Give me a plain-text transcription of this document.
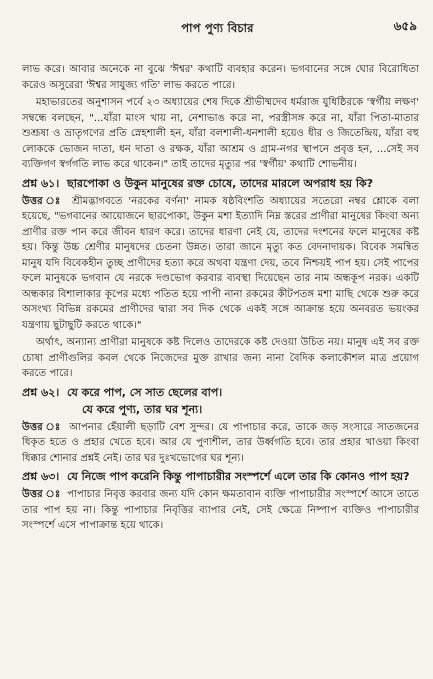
পাপ পুণ্য বিচার	৬৫৯

লাভ করে। আবার অনেকে না বুঝে 'ঈশ্বর' কথাটি ব্যবহার করেন। ভগবানের সঙ্গে ঘোর বিরোধিতা করেও অসুরেরা 'ঈশ্বর সাযুজ্য গতি' লাভ করতে পারে।

মহাভারতের অনুশাসন পর্বে ২৩ অধ্যায়ের শেষ দিকে শ্রীভীষ্মদেব ধর্মরাজ যুধিষ্ঠিরকে 'স্বর্গীয় লক্ষণ' সম্বন্ধে বলছেন, "...যাঁরা মাংস খায় না, নেশাভাঙ করে না, পরস্ত্রীসঙ্গ করে না, যাঁরা পিতা-মাতার শুশ্রূষা ও ভ্রাতৃগণের প্রতি স্নেহশালী হন, যাঁরা বলশালী-ধনশালী হয়েও ধীর ও জিতেন্দ্রিয়, যাঁরা বহু লোককে ভোজন দাতা, ধন দাতা ও রক্ষক, যাঁরা আশ্রম ও গ্রাম-নগর স্থাপনে প্রবৃত্ত হন, ...সেই সব ব্যক্তিগণ স্বর্গগতি লাভ করে থাকেন।" তাই তাদের মৃত্যুর পর 'স্বর্গীয়' কথাটি শোভনীয়।

প্রশ্ন ৬১। ছারপোকা ও উকুন মানুষের রক্ত চোষে, তাদের মারলে অপরাধ হয় কি?

উত্তর ঃ শ্রীমদ্ভাগবতে 'নরকের বর্ণনা' নামক ষষ্ঠবিংশতি অধ্যায়ের সতেরো নম্বর শ্লোকে বলা হয়েছে, "ভগবানের আয়োজনে ছারপোকা, উকুন মশা ইত্যাদি নিম্ন স্তরের প্রাণীরা মানুষের কিংবা অন্য প্রাণীর রক্ত পান করে জীবন ধারণ করে। তাদের ধারণা নেই যে, তাদের দংশনের ফলে মানুষের কষ্ট হয়। কিন্তু উচ্চ শ্রেণীর মানুষদের চেতনা উন্নত। তারা জানে মৃত্যু কত বেদনাদায়ক। বিবেক সমন্বিত মানুষ যদি বিবেকহীন তুচ্ছ প্রাণীদের হত্যা করে অথবা যন্ত্রণা দেয়, তবে নিশ্চয়ই পাপ হয়। সেই পাপের ফলে মানুষকে ভগবান যে নরকে দণ্ডভোগ করবার ব্যবস্থা দিয়েছেন তার নাম অন্ধকূপ নরক। একটি অন্ধকার বিশালাকার কূপের মধ্যে পতিত হয়ে পাপী নানা রকমের কীটপতঙ্গ মশা মাছি থেকে শুরু করে অসংখ্য বিভিন্ন রকমের প্রাণীদের দ্বারা সব দিক থেকে একই সঙ্গে আক্রান্ত হয়ে অনবরত ভয়ংকর যন্ত্রণায় ছুটাছুটি করতে থাকে।"

অর্থাৎ, অন্যান্য প্রাণীরা মানুষকে কষ্ট দিলেও তাদেরকে কষ্ট দেওয়া উচিত নয়। মানুষ এই সব রক্ত চোষা প্রাণীগুলির কবল থেকে নিজেদের মুক্ত রাখার জন্য নানা বৈদিক কলাকৌশল মাত্র প্রয়োগ করতে পারে।

প্রশ্ন ৬২। যে করে পাপ, সে সাত ছেলের বাপ।
যে করে পুণ্য, তার ঘর শূন্য।

উত্তর ঃ আপনার হেঁয়ালী ছড়াটি বেশ সুন্দর। যে পাপাচার করে, তাকে জড় সংসারে সাতজনের ধিকৃত হতে ও প্রহার খেতে হবে। আর যে পুণ্যশীল, তার উর্ধ্বগতি হবে। তার প্রহার খাওয়া কিংবা ধিক্কার শোনার প্রশ্নই নেই। তার ঘর দুঃখভোগের ঘর শূন্য।

প্রশ্ন ৬৩। যে নিজে পাপ করেনি কিন্তু পাপাচারীর সংস্পর্শে এলে তার কি কোনও পাপ হয়?

উত্তর ঃ পাপাচার নিবৃত্ত করবার জন্য যদি কোন ক্ষমতাবান ব্যক্তি পাপাচারীর সংস্পর্শে আসে তাতে তার পাপ হয় না। কিন্তু পাপাচার নিবৃত্তির ব্যাপার নেই, সেই ক্ষেত্রে নিষ্পাপ ব্যক্তিও পাপাচারীর সংস্পর্শে এসে পাপাক্রান্ত হয়ে থাকে।
